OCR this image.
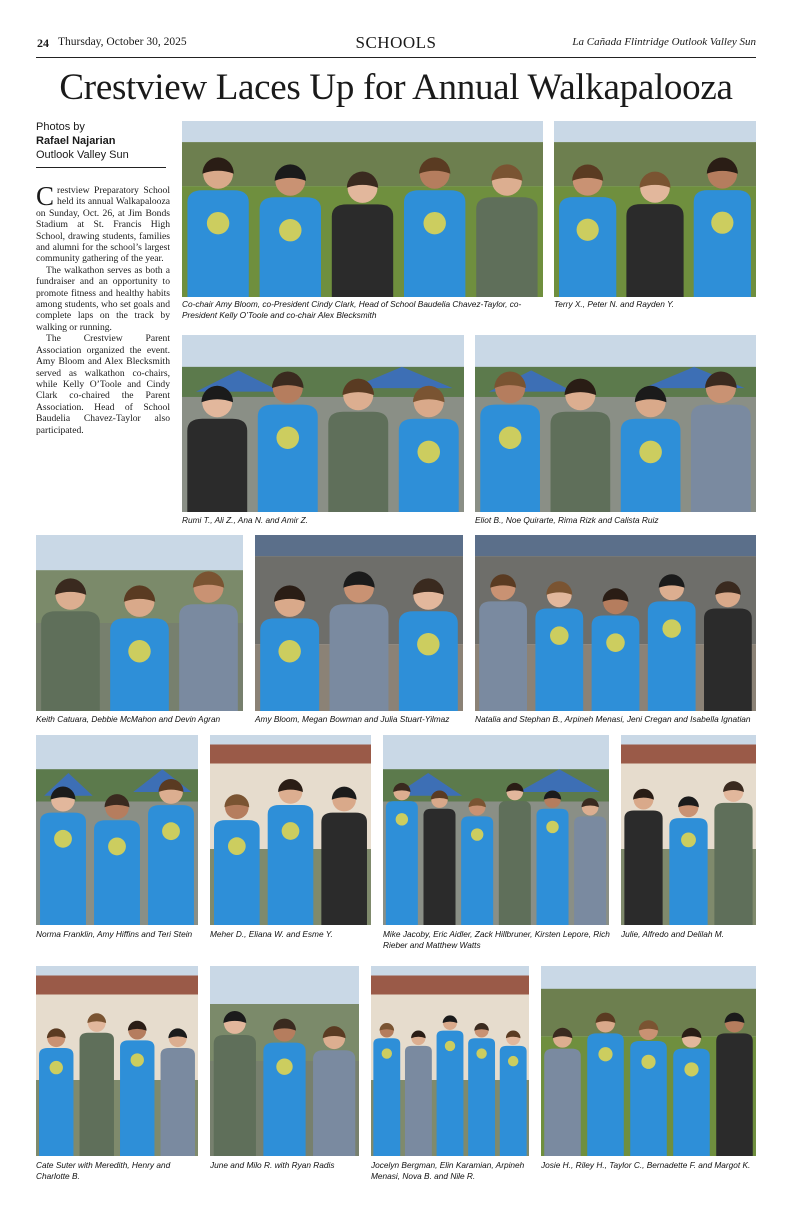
24 Thursday, October 30, 2025	SCHOOLS	La Cañada Flintridge Outlook Valley Sun
Crestview Laces Up for Annual Walkapalooza
Photos by
Rafael Najarian
Outlook Valley Sun

Crestview Preparatory School held its annual Walkapalooza on Sunday, Oct. 26, at Jim Bonds Stadium at St. Francis High School, drawing students, families and alumni for the school’s largest community gathering of the year.

The walkathon serves as both a fundraiser and an opportunity to promote fitness and healthy habits among students, who set goals and complete laps on the track by walking or running.

The Crestview Parent Association organized the event. Amy Bloom and Alex Blecksmith served as walkathon co-chairs, while Kelly O’Toole and Cindy Clark co-chaired the Parent Association. Head of School Baudelia Chavez-Taylor also participated.

Co-chair Amy Bloom, co-President Cindy Clark, Head of School Baudelia Chavez-Taylor, co-President Kelly O’Toole and co-chair Alex Blecksmith
Terry X., Peter N. and Rayden Y.
Rumi T., Ali Z., Ana N. and Amir Z.	Eliot B., Noe Quirarte, Rima Rizk and Calista Ruiz
Keith Catuara, Debbie McMahon and Devin Agran	Amy Bloom, Megan Bowman and Julia Stuart-Yilmaz	Natalia and Stephan B., Arpineh Menasi, Jeni Cregan and Isabella Ignatian
Norma Franklin, Amy Hiffins and Teri Stein	Meher D., Eliana W. and Esme Y.	Mike Jacoby, Eric Aidler, Zack Hillbruner, Kirsten Lepore, Rich Rieber and Matthew Watts
Julie, Alfredo and Delilah M.
Cate Suter with Meredith, Henry and Charlotte B.
June and Milo R. with Ryan Radis	Jocelyn Bergman, Elin Karamian, Arpineh Menasi, Nova B. and Nile R.
Josie H., Riley H., Taylor C., Bernadette F. and Margot K.
